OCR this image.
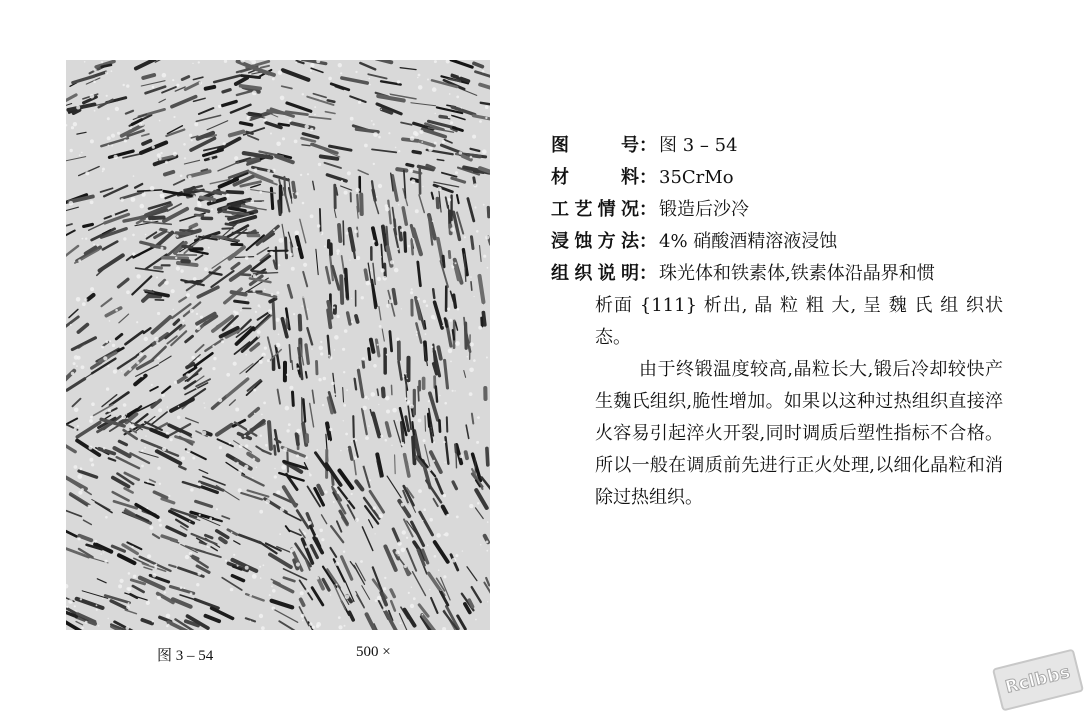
图 3 – 54	500 ×
图　　号 ： 图 3 – 54
材　　料 ： 35CrMo
工艺情况 ： 锻造后沙冷
浸蚀方法 ： 4% 硝酸酒精溶液浸蚀
组织说明 ： 珠光体和铁素体,铁素体沿晶界和惯

析面 {111} 析出, 晶 粒 粗 大, 呈 魏 氏 组 织状态。

由于终锻温度较高,晶粒长大,锻后冷却较快产生魏氏组织,脆性增加。如果以这种过热组织直接淬火容易引起淬火开裂,同时调质后塑性指标不合格。所以一般在调质前先进行正火处理,以细化晶粒和消除过热组织。

Rclbbs
